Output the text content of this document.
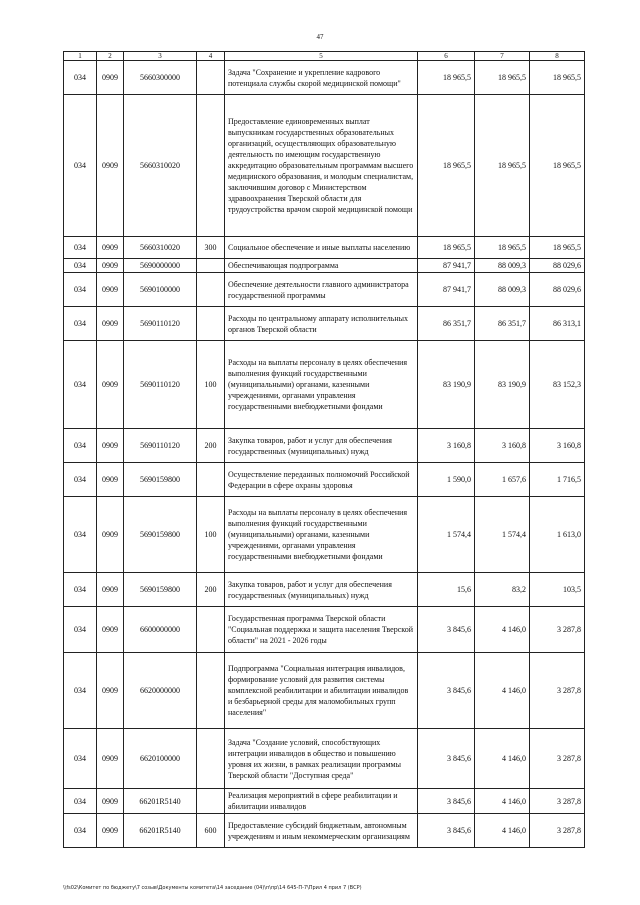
47
1	2	3	4	5	6	7	8
034	0909	5660300000		Задача "Сохранение и укрепление кадрового потенциала службы скорой медицинской помощи"	18 965,5	18 965,5	18 965,5
034	0909	5660310020		Предоставление единовременных выплат выпускникам государственных образовательных организаций, осуществляющих образовательную деятельность по имеющим государственную аккредитацию образовательным программам высшего медицинского образования, и молодым специалистам, заключившим договор с Министерством здравоохранения Тверской области для трудоустройства врачом скорой медицинской помощи	18 965,5	18 965,5	18 965,5
034	0909	5660310020	300	Социальное обеспечение и иные выплаты населению	18 965,5	18 965,5	18 965,5
034	0909	5690000000		Обеспечивающая подпрограмма	87 941,7	88 009,3	88 029,6
034	0909	5690100000		Обеспечение деятельности главного администратора государственной программы	87 941,7	88 009,3	88 029,6
034	0909	5690110120		Расходы по центральному аппарату исполнительных органов Тверской области	86 351,7	86 351,7	86 313,1
034	0909	5690110120	100	Расходы на выплаты персоналу в целях обеспечения выполнения функций государственными (муниципальными) органами, казенными учреждениями, органами управления государственными внебюджетными фондами	83 190,9	83 190,9	83 152,3
034	0909	5690110120	200	Закупка товаров, работ и услуг для обеспечения государственных (муниципальных) нужд	3 160,8	3 160,8	3 160,8
034	0909	5690159800		Осуществление переданных полномочий Российской Федерации в сфере охраны здоровья	1 590,0	1 657,6	1 716,5
034	0909	5690159800	100	Расходы на выплаты персоналу в целях обеспечения выполнения функций государственными (муниципальными) органами, казенными учреждениями, органами управления государственными внебюджетными фондами	1 574,4	1 574,4	1 613,0
034	0909	5690159800	200	Закупка товаров, работ и услуг для обеспечения государственных (муниципальных) нужд	15,6	83,2	103,5
034	0909	6600000000		Государственная программа Тверской области "Социальная поддержка и защита населения Тверской области" на 2021 - 2026 годы	3 845,6	4 146,0	3 287,8
034	0909	6620000000		Подпрограмма "Социальная интеграция инвалидов, формирование условий для развития системы комплексной реабилитации и абилитации инвалидов и безбарьерной среды для маломобильных групп населения"	3 845,6	4 146,0	3 287,8
034	0909	6620100000		Задача "Создание условий, способствующих интеграции инвалидов в общество и повышению уровня их жизни, в рамках реализации программы Тверской области "Доступная среда"	3 845,6	4 146,0	3 287,8
034	0909	66201R5140		Реализация мероприятий в сфере реабилитации и абилитации инвалидов	3 845,6	4 146,0	3 287,8
034	0909	66201R5140	600	Предоставление субсидий бюджетным, автономным учреждениям и иным некоммерческим организациям	3 845,6	4 146,0	3 287,8
\\fs02\Комитет по бюджету\7 созыв\Документы комитета\14 заседание (04)\п\пр\14 645-П-7\Прил 4 прил 7 (ВСР)
